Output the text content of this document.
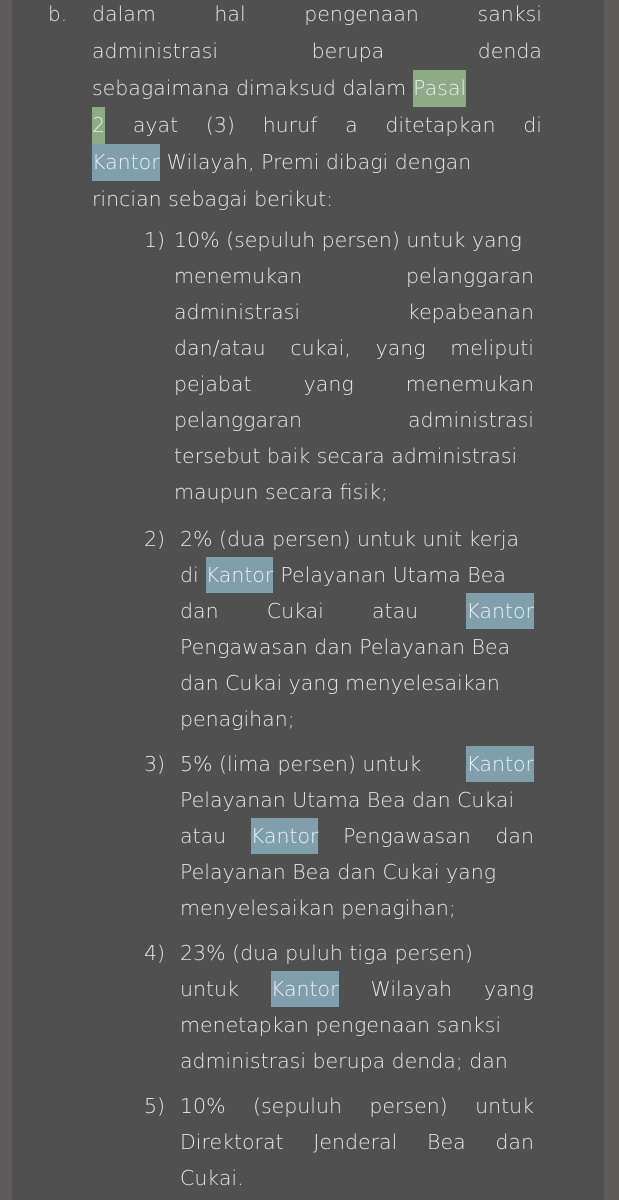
b. dalam	hal	pengenaan	sanksi
administrasi	berupa	denda
sebagaimana dimaksud dalam Pasal
2 ayat (3) huruf a ditetapkan di
Kantor Wilayah, Premi dibagi dengan
rincian sebagai berikut:
1) 10% (sepuluh persen) untuk yang
menemukan	pelanggaran
administrasi	kepabeanan
dan/atau cukai, yang meliputi
pejabat	yang	menemukan
pelanggaran	administrasi
tersebut baik secara administrasi
maupun secara fisik;
2) 2% (dua persen) untuk unit kerja
di Kantor Pelayanan Utama Bea
dan Cukai atau Kantor
Pengawasan dan Pelayanan Bea
dan Cukai yang menyelesaikan
penagihan;
3) 5% (lima persen) untuk Kantor
Pelayanan Utama Bea dan Cukai
atau Kantor Pengawasan dan
Pelayanan Bea dan Cukai yang
menyelesaikan penagihan;
4) 23% (dua puluh tiga persen)
untuk Kantor Wilayah yang
menetapkan pengenaan sanksi
administrasi berupa denda; dan
5) 10% (sepuluh persen) untuk
Direktorat Jenderal Bea dan
Cukai.
